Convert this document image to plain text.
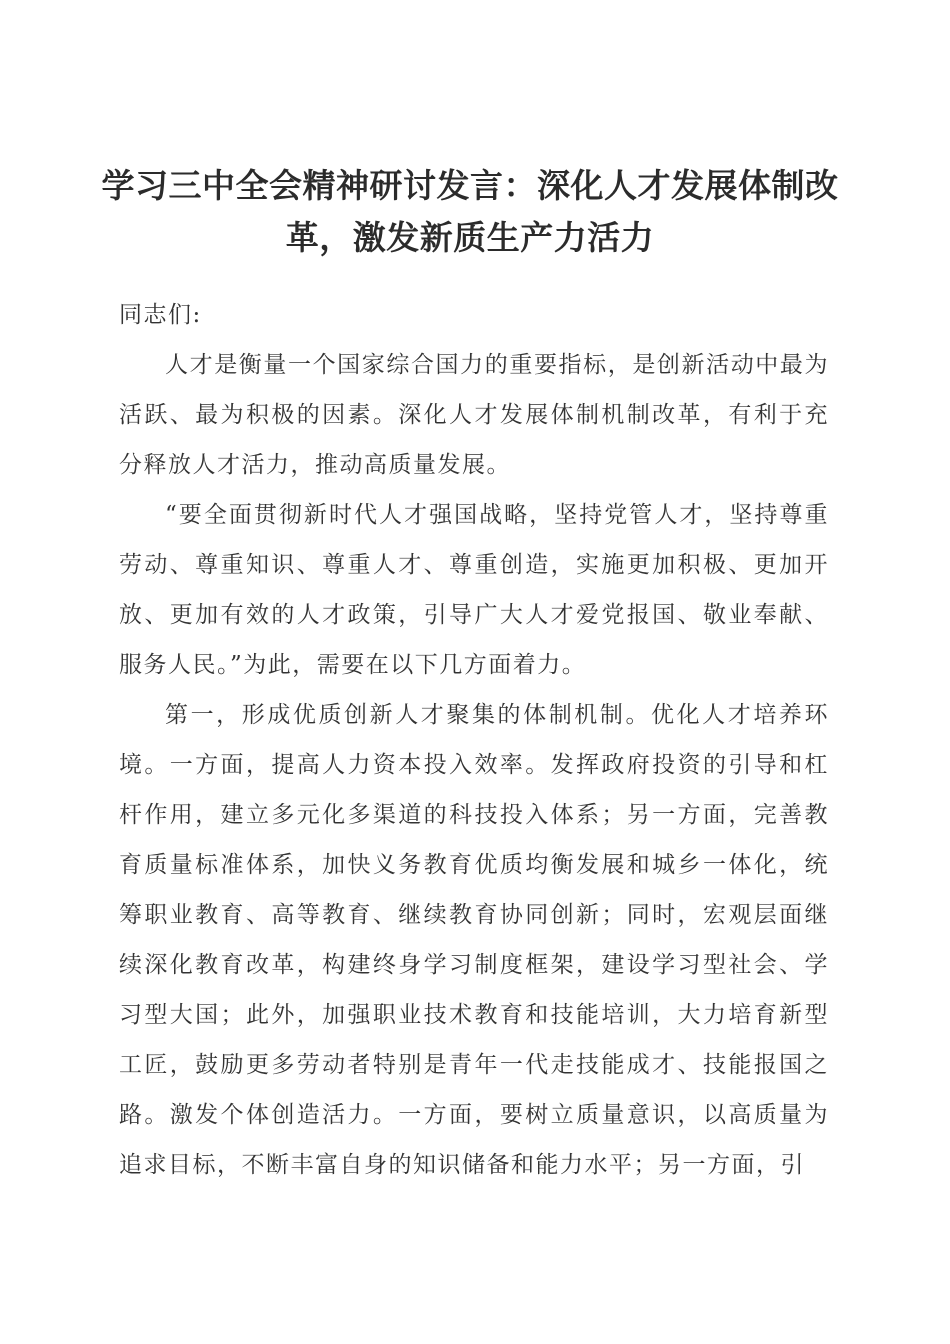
学习三中全会精神研讨发言：深化人才发展体制改革，激发新质生产力活力

同志们:

人才是衡量一个国家综合国力的重要指标，是创新活动中最为活跃、最为积极的因素。深化人才发展体制机制改革，有利于充分释放人才活力，推动高质量发展。

“要全面贯彻新时代人才强国战略，坚持党管人才，坚持尊重劳动、尊重知识、尊重人才、尊重创造，实施更加积极、更加开放、更加有效的人才政策，引导广大人才爱党报国、敬业奉献、服务人民。”为此，需要在以下几方面着力。

第一，形成优质创新人才聚集的体制机制。优化人才培养环境。一方面，提高人力资本投入效率。发挥政府投资的引导和杠杆作用，建立多元化多渠道的科技投入体系；另一方面，完善教育质量标准体系，加快义务教育优质均衡发展和城乡一体化，统筹职业教育、高等教育、继续教育协同创新；同时，宏观层面继续深化教育改革，构建终身学习制度框架，建设学习型社会、学习型大国；此外，加强职业技术教育和技能培训，大力培育新型工匠，鼓励更多劳动者特别是青年一代走技能成才、技能报国之路。激发个体创造活力。一方面，要树立质量意识，以高质量为追求目标，不断丰富自身的知识储备和能力水平；另一方面，引
